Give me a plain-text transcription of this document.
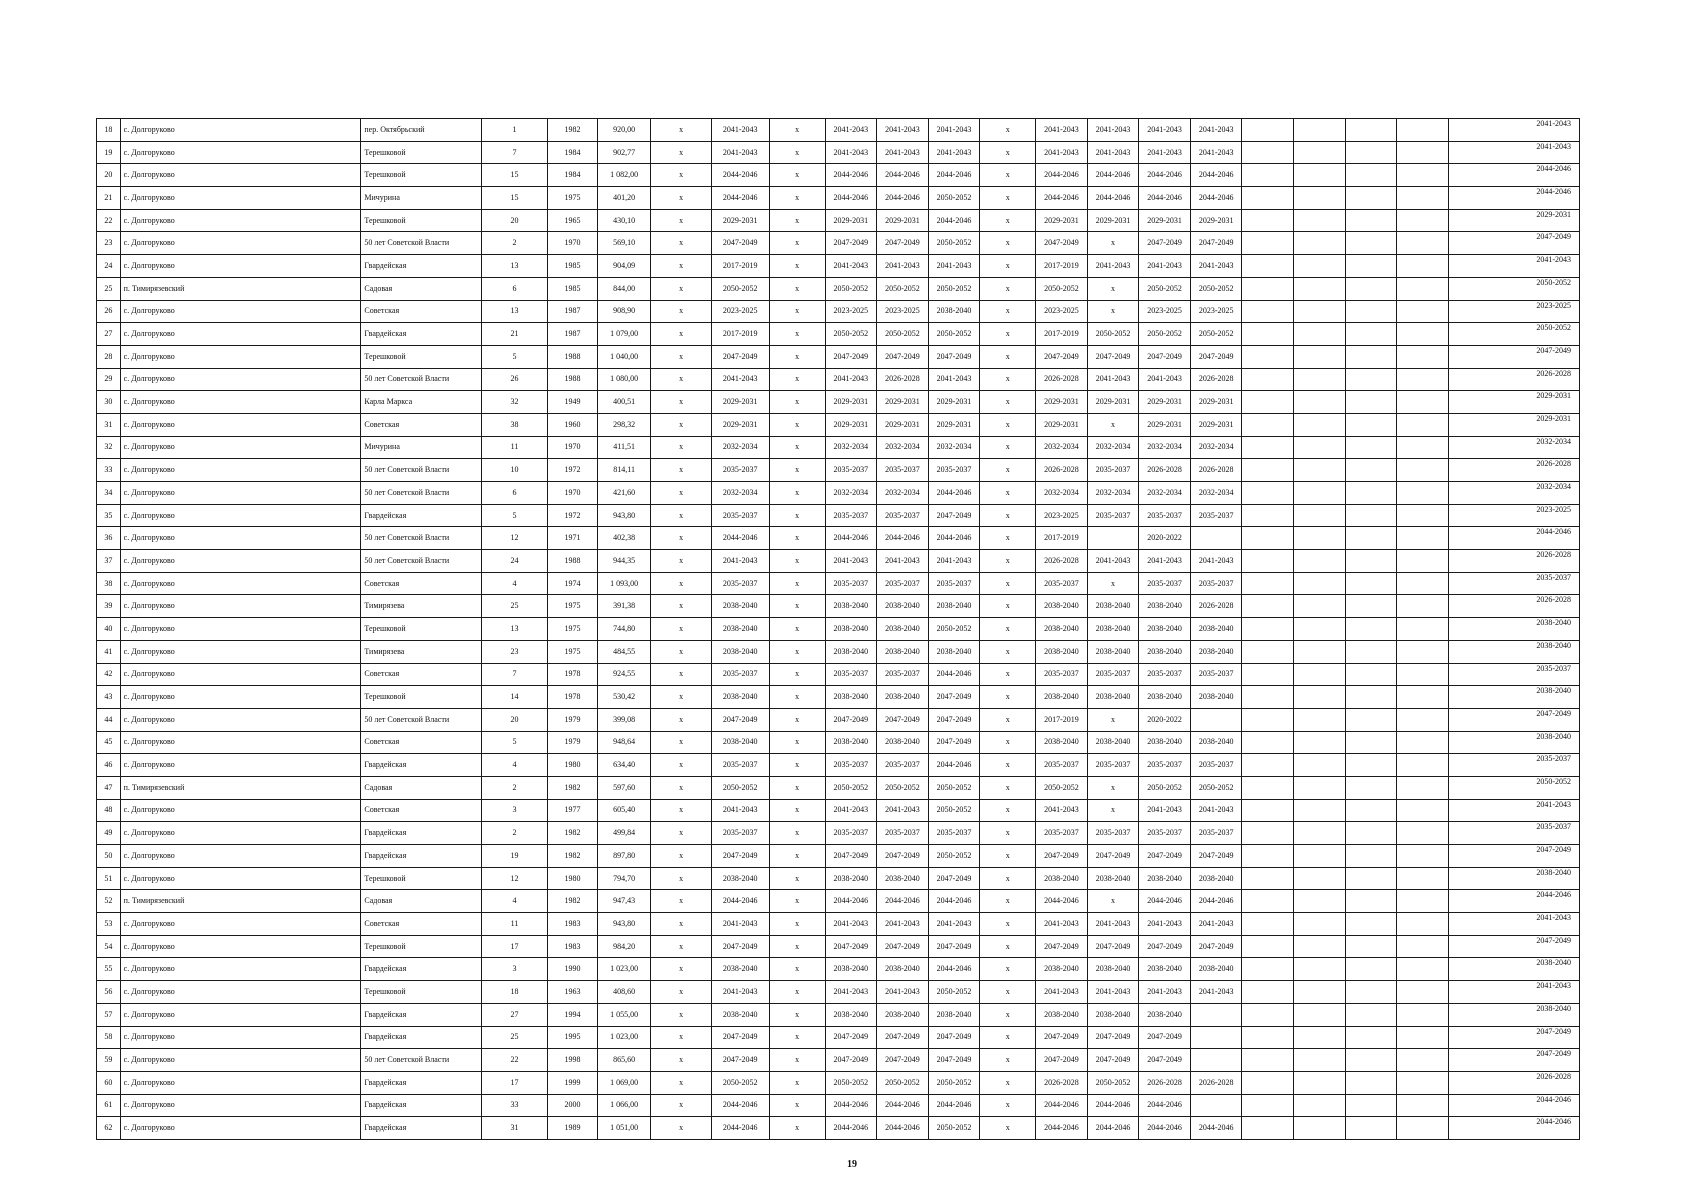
18	с. Долгоруково	пер. Октябрьский	1	1982	920,00	x	2041-2043	x	2041-2043	2041-2043	2041-2043	x	2041-2043	2041-2043	2041-2043	2041-2043					2041-2043
19	с. Долгоруково	Терешковой	7	1984	902,77	x	2041-2043	x	2041-2043	2041-2043	2041-2043	x	2041-2043	2041-2043	2041-2043	2041-2043					2041-2043
20	с. Долгоруково	Терешковой	15	1984	1 082,00	x	2044-2046	x	2044-2046	2044-2046	2044-2046	x	2044-2046	2044-2046	2044-2046	2044-2046					2044-2046
21	с. Долгоруково	Мичурина	15	1975	401,20	x	2044-2046	x	2044-2046	2044-2046	2050-2052	x	2044-2046	2044-2046	2044-2046	2044-2046					2044-2046
22	с. Долгоруково	Терешковой	20	1965	430,10	x	2029-2031	x	2029-2031	2029-2031	2044-2046	x	2029-2031	2029-2031	2029-2031	2029-2031					2029-2031
23	с. Долгоруково	50 лет Советской Власти	2	1970	569,10	x	2047-2049	x	2047-2049	2047-2049	2050-2052	x	2047-2049	x	2047-2049	2047-2049					2047-2049
24	с. Долгоруково	Гвардейская	13	1985	904,09	x	2017-2019	x	2041-2043	2041-2043	2041-2043	x	2017-2019	2041-2043	2041-2043	2041-2043					2041-2043
25	п. Тимирязевский	Садовая	6	1985	844,00	x	2050-2052	x	2050-2052	2050-2052	2050-2052	x	2050-2052	x	2050-2052	2050-2052					2050-2052
26	с. Долгоруково	Советская	13	1987	908,90	x	2023-2025	x	2023-2025	2023-2025	2038-2040	x	2023-2025	x	2023-2025	2023-2025					2023-2025
27	с. Долгоруково	Гвардейская	21	1987	1 079,00	x	2017-2019	x	2050-2052	2050-2052	2050-2052	x	2017-2019	2050-2052	2050-2052	2050-2052					2050-2052
28	с. Долгоруково	Терешковой	5	1988	1 040,00	x	2047-2049	x	2047-2049	2047-2049	2047-2049	x	2047-2049	2047-2049	2047-2049	2047-2049					2047-2049
29	с. Долгоруково	50 лет Советской Власти	26	1988	1 080,00	x	2041-2043	x	2041-2043	2026-2028	2041-2043	x	2026-2028	2041-2043	2041-2043	2026-2028					2026-2028
30	с. Долгоруково	Карла Маркса	32	1949	400,51	x	2029-2031	x	2029-2031	2029-2031	2029-2031	x	2029-2031	2029-2031	2029-2031	2029-2031					2029-2031
31	с. Долгоруково	Советская	38	1960	298,32	x	2029-2031	x	2029-2031	2029-2031	2029-2031	x	2029-2031	x	2029-2031	2029-2031					2029-2031
32	с. Долгоруково	Мичурина	11	1970	411,51	x	2032-2034	x	2032-2034	2032-2034	2032-2034	x	2032-2034	2032-2034	2032-2034	2032-2034					2032-2034
33	с. Долгоруково	50 лет Советской Власти	10	1972	814,11	x	2035-2037	x	2035-2037	2035-2037	2035-2037	x	2026-2028	2035-2037	2026-2028	2026-2028					2026-2028
34	с. Долгоруково	50 лет Советской Власти	6	1970	421,60	x	2032-2034	x	2032-2034	2032-2034	2044-2046	x	2032-2034	2032-2034	2032-2034	2032-2034					2032-2034
35	с. Долгоруково	Гвардейская	5	1972	943,80	x	2035-2037	x	2035-2037	2035-2037	2047-2049	x	2023-2025	2035-2037	2035-2037	2035-2037					2023-2025
36	с. Долгоруково	50 лет Советской Власти	12	1971	402,38	x	2044-2046	x	2044-2046	2044-2046	2044-2046	x	2017-2019		2020-2022						2044-2046
37	с. Долгоруково	50 лет Советской Власти	24	1988	944,35	x	2041-2043	x	2041-2043	2041-2043	2041-2043	x	2026-2028	2041-2043	2041-2043	2041-2043					2026-2028
38	с. Долгоруково	Советская	4	1974	1 093,00	x	2035-2037	x	2035-2037	2035-2037	2035-2037	x	2035-2037	x	2035-2037	2035-2037					2035-2037
39	с. Долгоруково	Тимирязева	25	1975	391,38	x	2038-2040	x	2038-2040	2038-2040	2038-2040	x	2038-2040	2038-2040	2038-2040	2026-2028					2026-2028
40	с. Долгоруково	Терешковой	13	1975	744,80	x	2038-2040	x	2038-2040	2038-2040	2050-2052	x	2038-2040	2038-2040	2038-2040	2038-2040					2038-2040
41	с. Долгоруково	Тимирязева	23	1975	484,55	x	2038-2040	x	2038-2040	2038-2040	2038-2040	x	2038-2040	2038-2040	2038-2040	2038-2040					2038-2040
42	с. Долгоруково	Советская	7	1978	924,55	x	2035-2037	x	2035-2037	2035-2037	2044-2046	x	2035-2037	2035-2037	2035-2037	2035-2037					2035-2037
43	с. Долгоруково	Терешковой	14	1978	530,42	x	2038-2040	x	2038-2040	2038-2040	2047-2049	x	2038-2040	2038-2040	2038-2040	2038-2040					2038-2040
44	с. Долгоруково	50 лет Советской Власти	20	1979	399,08	x	2047-2049	x	2047-2049	2047-2049	2047-2049	x	2017-2019	x	2020-2022						2047-2049
45	с. Долгоруково	Советская	5	1979	948,64	x	2038-2040	x	2038-2040	2038-2040	2047-2049	x	2038-2040	2038-2040	2038-2040	2038-2040					2038-2040
46	с. Долгоруково	Гвардейская	4	1980	634,40	x	2035-2037	x	2035-2037	2035-2037	2044-2046	x	2035-2037	2035-2037	2035-2037	2035-2037					2035-2037
47	п. Тимирязевский	Садовая	2	1982	597,60	x	2050-2052	x	2050-2052	2050-2052	2050-2052	x	2050-2052	x	2050-2052	2050-2052					2050-2052
48	с. Долгоруково	Советская	3	1977	605,40	x	2041-2043	x	2041-2043	2041-2043	2050-2052	x	2041-2043	x	2041-2043	2041-2043					2041-2043
49	с. Долгоруково	Гвардейская	2	1982	499,84	x	2035-2037	x	2035-2037	2035-2037	2035-2037	x	2035-2037	2035-2037	2035-2037	2035-2037					2035-2037
50	с. Долгоруково	Гвардейская	19	1982	897,80	x	2047-2049	x	2047-2049	2047-2049	2050-2052	x	2047-2049	2047-2049	2047-2049	2047-2049					2047-2049
51	с. Долгоруково	Терешковой	12	1980	794,70	x	2038-2040	x	2038-2040	2038-2040	2047-2049	x	2038-2040	2038-2040	2038-2040	2038-2040					2038-2040
52	п. Тимирязевский	Садовая	4	1982	947,43	x	2044-2046	x	2044-2046	2044-2046	2044-2046	x	2044-2046	x	2044-2046	2044-2046					2044-2046
53	с. Долгоруково	Советская	11	1983	943,80	x	2041-2043	x	2041-2043	2041-2043	2041-2043	x	2041-2043	2041-2043	2041-2043	2041-2043					2041-2043
54	с. Долгоруково	Терешковой	17	1983	984,20	x	2047-2049	x	2047-2049	2047-2049	2047-2049	x	2047-2049	2047-2049	2047-2049	2047-2049					2047-2049
55	с. Долгоруково	Гвардейская	3	1990	1 023,00	x	2038-2040	x	2038-2040	2038-2040	2044-2046	x	2038-2040	2038-2040	2038-2040	2038-2040					2038-2040
56	с. Долгоруково	Терешковой	18	1963	408,60	x	2041-2043	x	2041-2043	2041-2043	2050-2052	x	2041-2043	2041-2043	2041-2043	2041-2043					2041-2043
57	с. Долгоруково	Гвардейская	27	1994	1 055,00	x	2038-2040	x	2038-2040	2038-2040	2038-2040	x	2038-2040	2038-2040	2038-2040						2038-2040
58	с. Долгоруково	Гвардейская	25	1995	1 023,00	x	2047-2049	x	2047-2049	2047-2049	2047-2049	x	2047-2049	2047-2049	2047-2049						2047-2049
59	с. Долгоруково	50 лет Советской Власти	22	1998	865,60	x	2047-2049	x	2047-2049	2047-2049	2047-2049	x	2047-2049	2047-2049	2047-2049						2047-2049
60	с. Долгоруково	Гвардейская	17	1999	1 069,00	x	2050-2052	x	2050-2052	2050-2052	2050-2052	x	2026-2028	2050-2052	2026-2028	2026-2028					2026-2028
61	с. Долгоруково	Гвардейская	33	2000	1 066,00	x	2044-2046	x	2044-2046	2044-2046	2044-2046	x	2044-2046	2044-2046	2044-2046						2044-2046
62	с. Долгоруково	Гвардейская	31	1989	1 051,00	x	2044-2046	x	2044-2046	2044-2046	2050-2052	x	2044-2046	2044-2046	2044-2046	2044-2046					2044-2046
19
